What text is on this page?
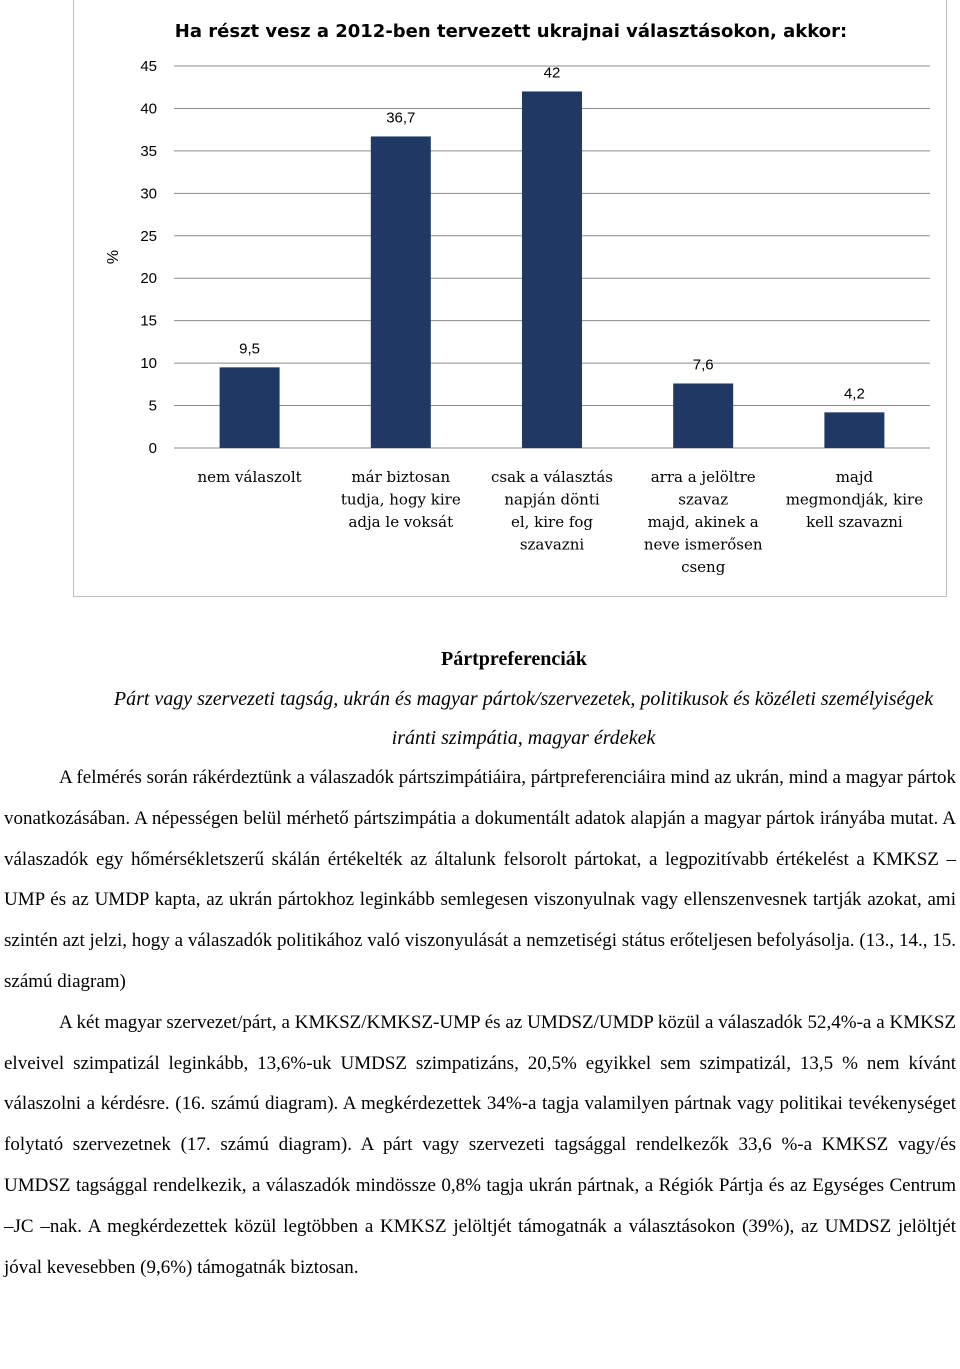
Ha részt vesz a 2012-ben tervezett ukrajnai választásokon, akkor:
%
0
5
10
15
20
25
30
35
40
45
9,5
nem válaszolt
36,7
már biztosan
tudja, hogy kire
adja le voksát
42
csak a választás
napján dönti
el, kire fog
szavazni
7,6
arra a jelöltre
szavaz
majd, akinek a
neve ismerősen
cseng
4,2
majd
megmondják, kire
kell szavazni
Pártpreferenciák
Párt vagy szervezeti tagság, ukrán és magyar pártok/szervezetek, politikusok és közéleti személyiségek iránti szimpátia, magyar érdekek

A felmérés során rákérdeztünk a válaszadók pártszimpátiáira, pártpreferenciáira mind az ukrán, mind a magyar pártok vonatkozásában. A népességen belül mérhető pártszimpátia a dokumentált adatok alapján a magyar pártok irányába mutat. A válaszadók egy hőmérsékletszerű skálán értékelték az általunk felsorolt pártokat, a legpozitívabb értékelést a KMKSZ – UMP és az UMDP kapta, az ukrán pártokhoz leginkább semlegesen viszonyulnak vagy ellenszenvesnek tartják azokat, ami szintén azt jelzi, hogy a válaszadók politikához való viszonyulását a nemzetiségi státus erőteljesen befolyásolja. (13., 14., 15. számú diagram)

A két magyar szervezet/párt, a KMKSZ/KMKSZ-UMP és az UMDSZ/UMDP közül a válaszadók 52,4%-a a KMKSZ elveivel szimpatizál leginkább, 13,6%-uk UMDSZ szimpatizáns, 20,5% egyikkel sem szimpatizál, 13,5 % nem kívánt válaszolni a kérdésre. (16. számú diagram). A megkérdezettek 34%-a tagja valamilyen pártnak vagy politikai tevékenységet folytató szervezetnek (17. számú diagram). A párt vagy szervezeti tagsággal rendelkezők 33,6 %-a KMKSZ vagy/és UMDSZ tagsággal rendelkezik, a válaszadók mindössze 0,8% tagja ukrán pártnak, a Régiók Pártja és az Egységes Centrum –JC –nak. A megkérdezettek közül legtöbben a KMKSZ jelöltjét támogatnák a választásokon (39%), az UMDSZ jelöltjét jóval kevesebben (9,6%) támogatnák biztosan.
